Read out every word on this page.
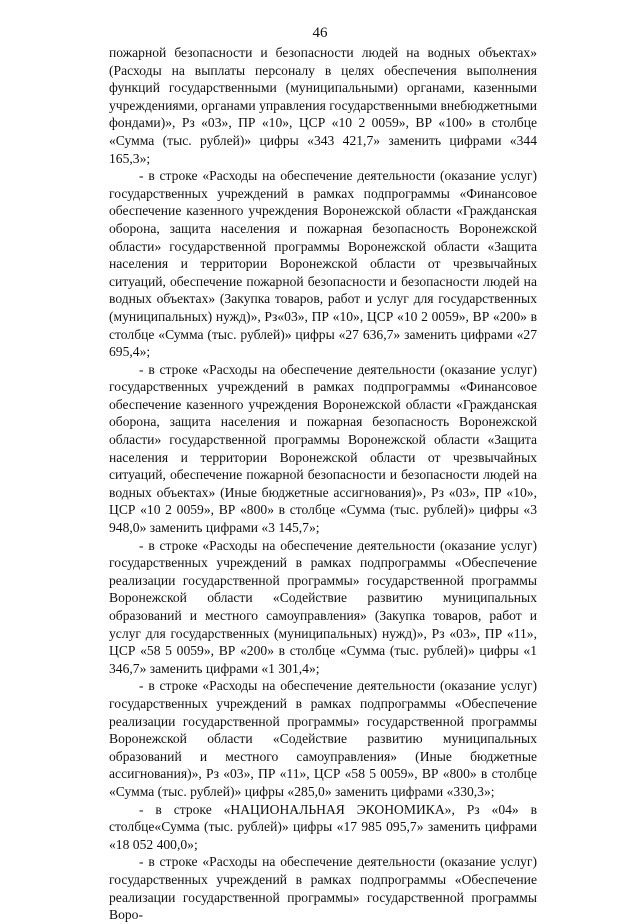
46

пожарной безопасности и безопасности людей на водных объектах» (Расходы на выплаты персоналу в целях обеспечения выполнения функций государственными (муниципальными) органами, казенными учреждениями, органами управления государственными внебюджетными фондами)», Рз «03», ПР «10», ЦСР «10 2 0059», ВР «100» в столбце «Сумма (тыс. рублей)» цифры «343 421,7» заменить цифрами «344 165,3»;

- в строке «Расходы на обеспечение деятельности (оказание услуг) государственных учреждений в рамках подпрограммы «Финансовое обеспечение казенного учреждения Воронежской области «Гражданская оборона, защита населения и пожарная безопасность Воронежской области» государственной программы Воронежской области «Защита населения и территории Воронежской области от чрезвычайных ситуаций, обеспечение пожарной безопасности и безопасности людей на водных объектах» (Закупка товаров, работ и услуг для государственных (муниципальных) нужд)», Рз«03», ПР «10», ЦСР «10 2 0059», ВР «200» в столбце «Сумма (тыс. рублей)» цифры «27 636,7» заменить цифрами «27 695,4»;

- в строке «Расходы на обеспечение деятельности (оказание услуг) государственных учреждений в рамках подпрограммы «Финансовое обеспечение казенного учреждения Воронежской области «Гражданская оборона, защита населения и пожарная безопасность Воронежской области» государственной программы Воронежской области «Защита населения и территории Воронежской области от чрезвычайных ситуаций, обеспечение пожарной безопасности и безопасности людей на водных объектах» (Иные бюджетные ассигнования)», Рз «03», ПР «10», ЦСР «10 2 0059», ВР «800» в столбце «Сумма (тыс. рублей)» цифры «3 948,0» заменить цифрами «3 145,7»;

- в строке «Расходы на обеспечение деятельности (оказание услуг) государственных учреждений в рамках подпрограммы «Обеспечение реализации государственной программы» государственной программы Воронежской области «Содействие развитию муниципальных образований и местного самоуправления» (Закупка товаров, работ и услуг для государственных (муниципальных) нужд)», Рз «03», ПР «11», ЦСР «58 5 0059», ВР «200» в столбце «Сумма (тыс. рублей)» цифры «1 346,7» заменить цифрами «1 301,4»;

- в строке «Расходы на обеспечение деятельности (оказание услуг) государственных учреждений в рамках подпрограммы «Обеспечение реализации государственной программы» государственной программы Воронежской области «Содействие развитию муниципальных образований и местного самоуправления» (Иные бюджетные ассигнования)», Рз «03», ПР «11», ЦСР «58 5 0059», ВР «800» в столбце «Сумма (тыс. рублей)» цифры «285,0» заменить цифрами «330,3»;

- в строке «НАЦИОНАЛЬНАЯ ЭКОНОМИКА», Рз «04» в столбце«Сумма (тыс. рублей)» цифры «17 985 095,7» заменить цифрами «18 052 400,0»;

- в строке «Расходы на обеспечение деятельности (оказание услуг) государственных учреждений в рамках подпрограммы «Обеспечение реализации государственной программы» государственной программы Воро-
